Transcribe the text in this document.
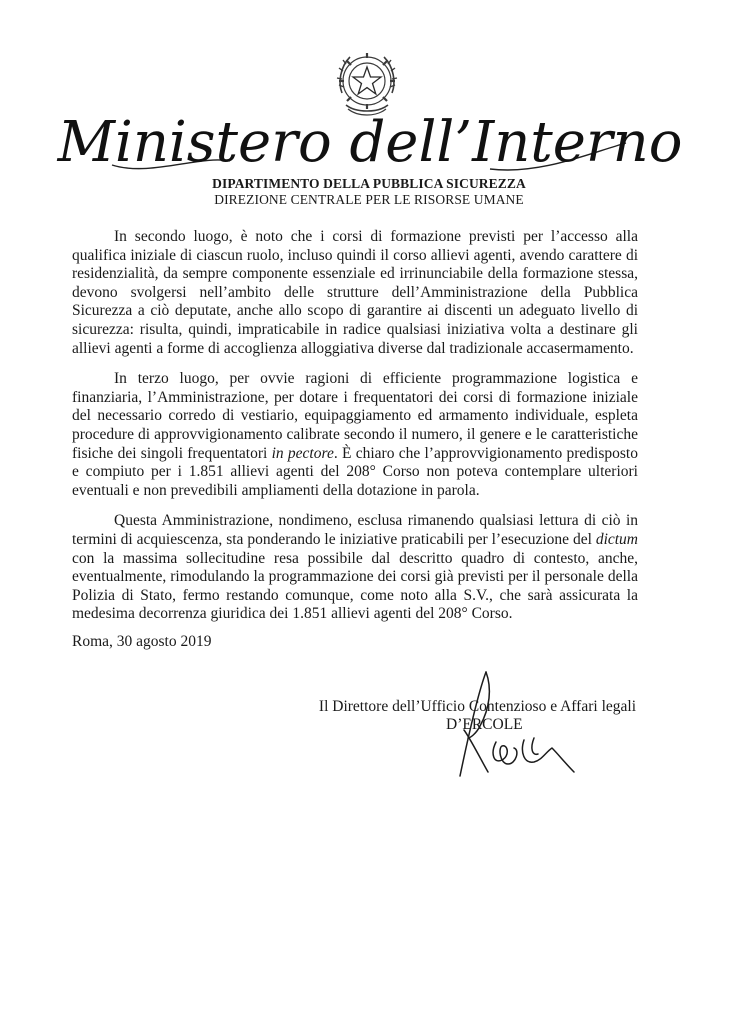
Ministero dell’Interno
DIPARTIMENTO DELLA PUBBLICA SICUREZZA
DIREZIONE CENTRALE PER LE RISORSE UMANE

In secondo luogo, è noto che i corsi di formazione previsti per l’accesso alla qualifica iniziale di ciascun ruolo, incluso quindi il corso allievi agenti, avendo carattere di residenzialità, da sempre componente essenziale ed irrinunciabile della formazione stessa, devono svolgersi nell’ambito delle strutture dell’Amministrazione della Pubblica Sicurezza a ciò deputate, anche allo scopo di garantire ai discenti un adeguato livello di sicurezza: risulta, quindi, impraticabile in radice qualsiasi iniziativa volta a destinare gli allievi agenti a forme di accoglienza alloggiativa diverse dal tradizionale accasermamento.

In terzo luogo, per ovvie ragioni di efficiente programmazione logistica e finanziaria, l’Amministrazione, per dotare i frequentatori dei corsi di formazione iniziale del necessario corredo di vestiario, equipaggiamento ed armamento individuale, espleta procedure di approvvigionamento calibrate secondo il numero, il genere e le caratteristiche fisiche dei singoli frequentatori in pectore. È chiaro che l’approvvigionamento predisposto e compiuto per i 1.851 allievi agenti del 208° Corso non poteva contemplare ulteriori eventuali e non prevedibili ampliamenti della dotazione in parola.

Questa Amministrazione, nondimeno, esclusa rimanendo qualsiasi lettura di ciò in termini di acquiescenza, sta ponderando le iniziative praticabili per l’esecuzione del dictum con la massima sollecitudine resa possibile dal descritto quadro di contesto, anche, eventualmente, rimodulando la programmazione dei corsi già previsti per il personale della Polizia di Stato, fermo restando comunque, come noto alla S.V., che sarà assicurata la medesima decorrenza giuridica dei 1.851 allievi agenti del 208° Corso.

Roma, 30 agosto 2019
Il Direttore dell’Ufficio Contenzioso e Affari legali
D’ERCOLE
